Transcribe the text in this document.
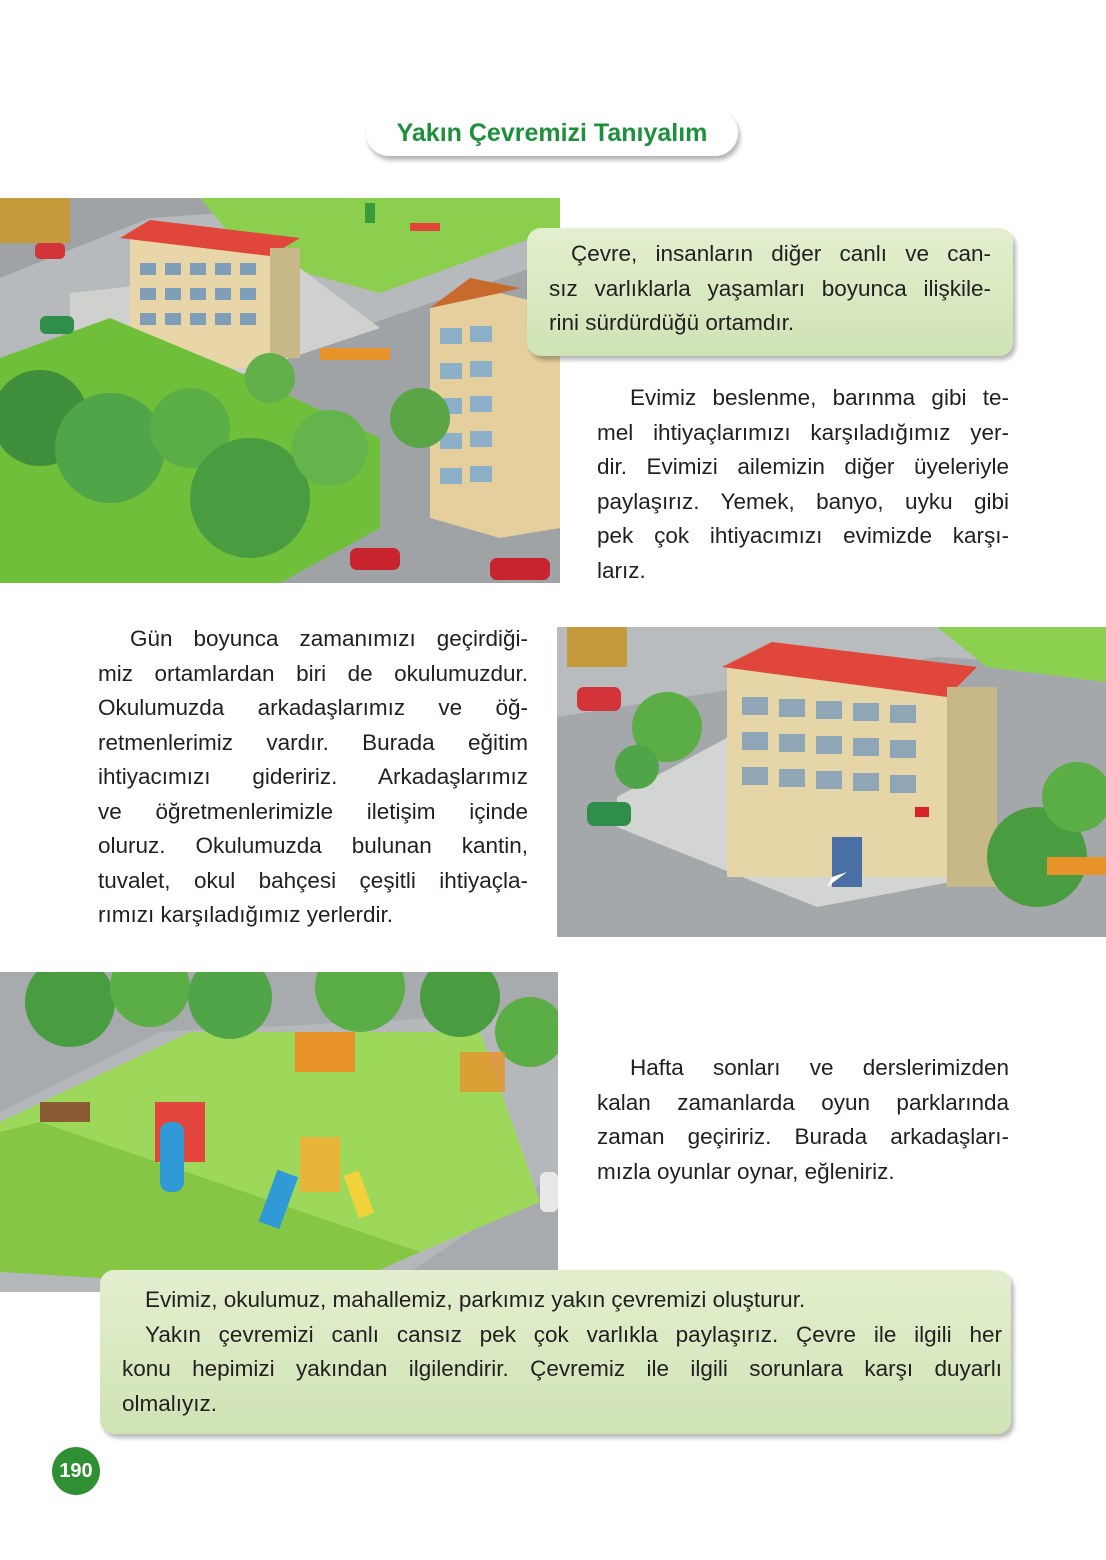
Yakın Çevremizi Tanıyalım
Çevre, insanların diğer canlı ve can-
sız varlıklarla yaşamları boyunca ilişkile-
rini sürdürdüğü ortamdır.
Evimiz beslenme, barınma gibi te-
mel ihtiyaçlarımızı karşıladığımız yer-
dir. Evimizi ailemizin diğer üyeleriyle
paylaşırız. Yemek, banyo, uyku gibi
pek çok ihtiyacımızı evimizde karşı-
larız.
Gün boyunca zamanımızı geçirdiği-
miz ortamlardan biri de okulumuzdur.
Okulumuzda arkadaşlarımız ve öğ-
retmenlerimiz vardır. Burada eğitim
ihtiyacımızı gideririz. Arkadaşlarımız
ve öğretmenlerimizle iletişim içinde
oluruz. Okulumuzda bulunan kantin,
tuvalet, okul bahçesi çeşitli ihtiyaçla-
rımızı karşıladığımız yerlerdir.
Hafta sonları ve derslerimizden
kalan zamanlarda oyun parklarında
zaman geçiririz. Burada arkadaşları-
mızla oyunlar oynar, eğleniriz.
Evimiz, okulumuz, mahallemiz, parkımız yakın çevremizi oluşturur.
Yakın çevremizi canlı cansız pek çok varlıkla paylaşırız. Çevre ile ilgili her
konu hepimizi yakından ilgilendirir. Çevremiz ile ilgili sorunlara karşı duyarlı
olmalıyız.
190
